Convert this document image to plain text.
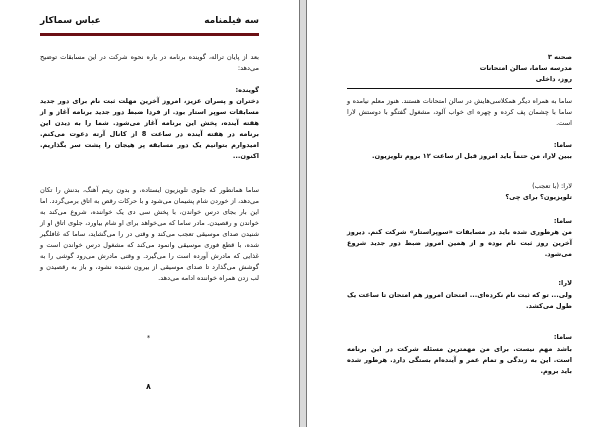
سه فیلمنامه
عباس سماکار

بعد از پایان تراله، گوینده برنامه در باره نحوه شرکت در این مسابقات توضیح می‌دهد:

گوینده:

دختران و پسران عزیز، امروز آخرین مهلت ثبت نام برای دور جدید مسابقات سوپر استار بود. از فردا ضبط دور جدید برنامه آغاز و از هفته آینده، پخش این برنامه آغاز می‌شود. شما را به دیدن این برنامه در هفته آینده در ساعت 8 از کانال آرته دعوت می‌کنم. امیدوارم بتوانیم یک دور مسابقه پر هیجان را پشت سر بگذاریم. اکنون...

ساما همانطور که جلوی تلویزیون ایستاده، و بدون ریتم آهنگ، بدنش را تکان می‌دهد، از خوردن شام پشیمان می‌شود و با حرکات رقص به اتاق برمی‌گردد. اما این بار بجای درس خواندن، با پخش سی دی یک خواننده، شروع می‌کند به خواندن و رقصیدن. مادر ساما که می‌خواهد برای او شام بیاورد، جلوی اتاق او از شنیدن صدای موسیقی تعجب می‌کند و وقتی در را می‌گشاید، ساما که غافلگیر شده، با قطع فوری موسیقی وانمود می‌کند که مشغول درس خواندن است و غذایی که مادرش آورده است را می‌گیرد. و وقتی مادرش می‌رود گوشی را به گوشش می‌گذارد تا صدای موسیقی از بیرون شنیده نشود، و باز به رقصیدن و لب زدن همراه خواننده ادامه می‌دهد.

*

۸

صحنه ۳

مدرسه ساما، سالن امتحانات

روز، داخلی

ساما به همراه دیگر همکلاسی‌هایش در سالن امتحانات هستند. هنوز معلم نیامده و ساما با چشمان پف کرده و چهره ای خواب آلود، مشغول گفتگو با دوستش لارا است.

ساما:

ببین لارا، من حتماً باید امروز قبل از ساعت ۱۲ بروم تلویزیون.

لارا: (با تعجب)

تلویزیون؟ برای چی؟

ساما:

من هرطوری شده باید در مسابقات «سوپراستار» شرکت کنم. دیروز آخرین روز ثبت نام بوده و از همین امروز ضبط دور جدید شروع می‌شود.

لارا:

ولی... تو که ثبت نام نکرده‌ای... امتحان امروز هم امتحان تا ساعت یک طول می‌کشد.

ساما:

باشد مهم نیست. برای من مهمترین مسئله شرکت در این برنامه است. این به زندگی و تمام عمر و آینده‌ام بستگی دارد. هرطور شده باید بروم.
